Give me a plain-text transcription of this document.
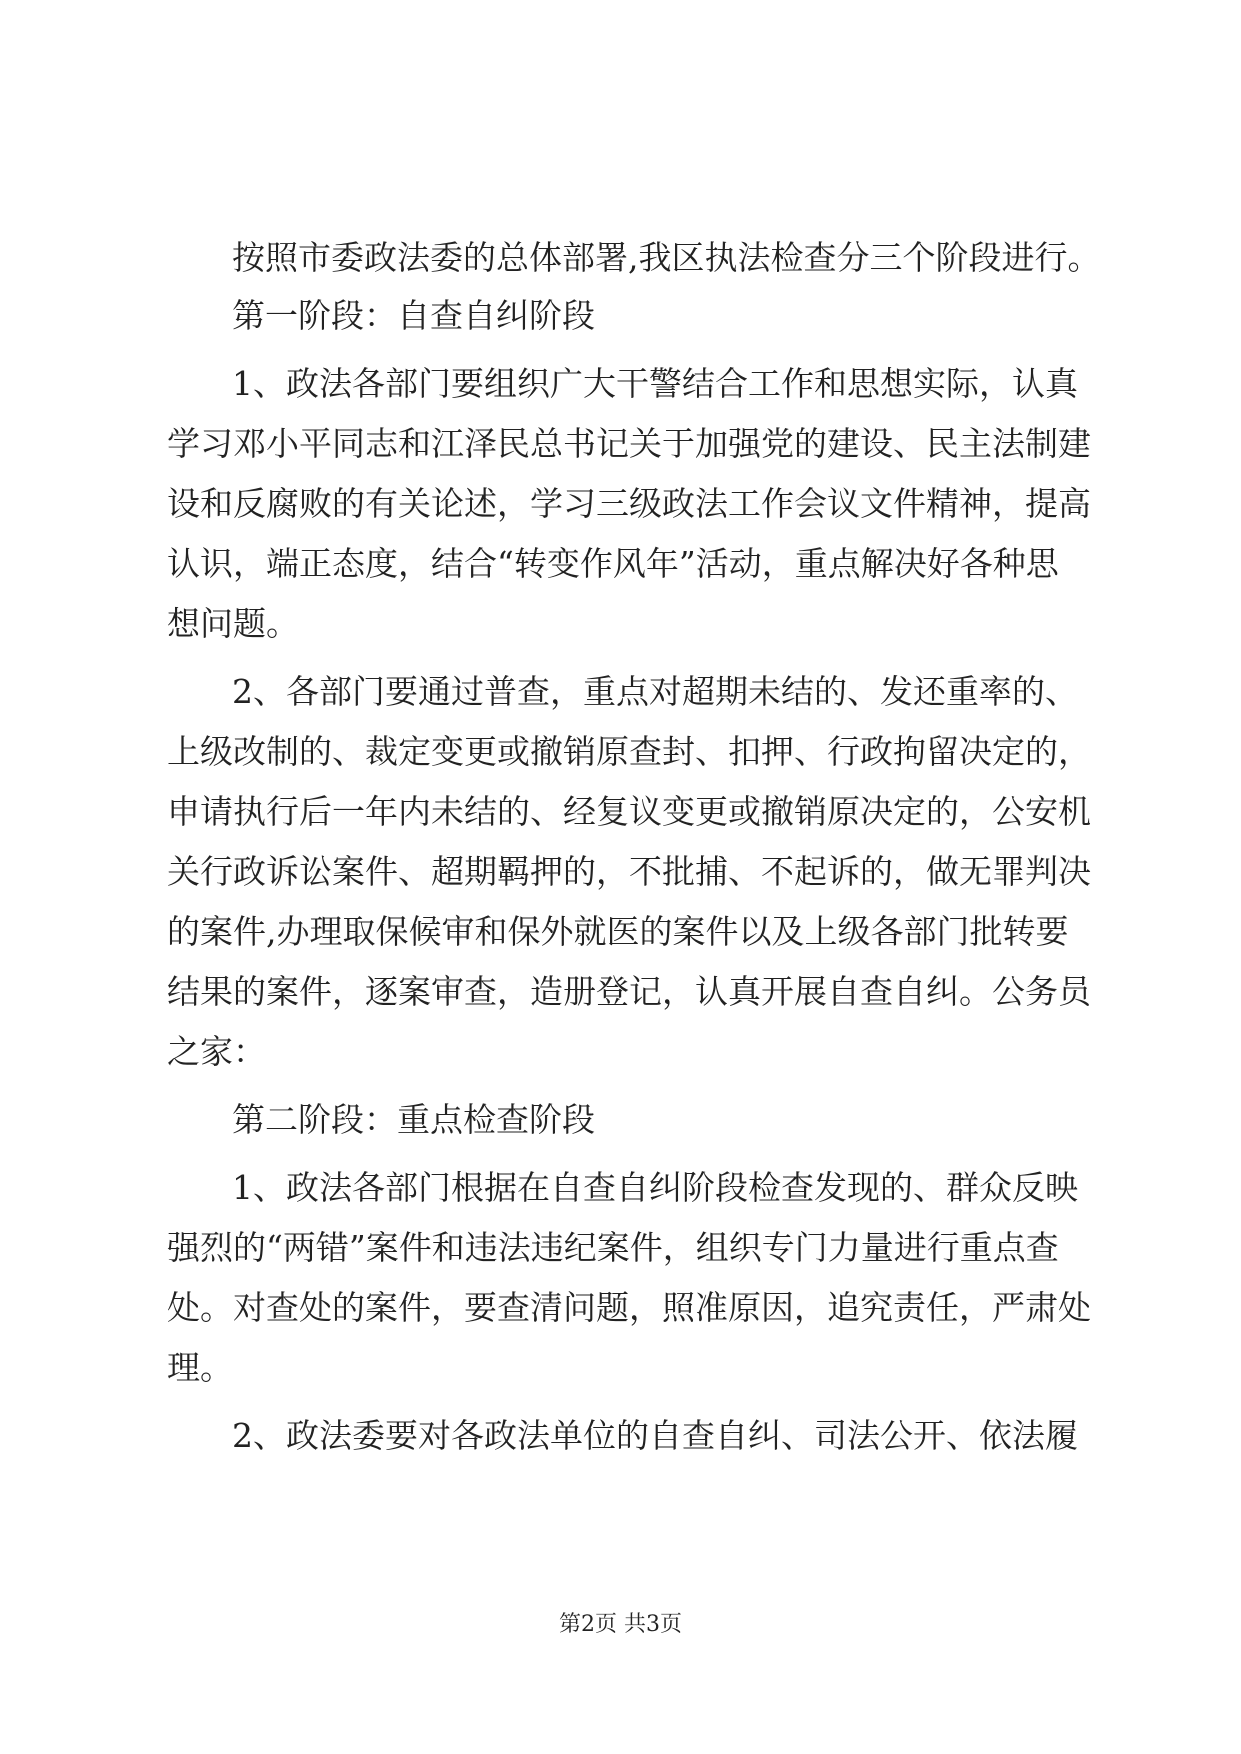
按照市委政法委的总体部署,我区执法检查分三个阶段进行。
第一阶段：自查自纠阶段
1、政法各部门要组织广大干警结合工作和思想实际，认真
学习邓小平同志和江泽民总书记关于加强党的建设、民主法制建
设和反腐败的有关论述，学习三级政法工作会议文件精神，提高
认识，端正态度，结合“转变作风年”活动，重点解决好各种思
想问题。
2、各部门要通过普查，重点对超期未结的、发还重率的、
上级改制的、裁定变更或撤销原查封、扣押、行政拘留决定的，
申请执行后一年内未结的、经复议变更或撤销原决定的，公安机
关行政诉讼案件、超期羁押的，不批捕、不起诉的，做无罪判决
的案件,办理取保候审和保外就医的案件以及上级各部门批转要
结果的案件，逐案审查，造册登记，认真开展自查自纠。公务员
之家：
第二阶段：重点检查阶段
1、政法各部门根据在自查自纠阶段检查发现的、群众反映
强烈的“两错”案件和违法违纪案件，组织专门力量进行重点查
处。对查处的案件，要查清问题，照准原因，追究责任，严肃处
理。
2、政法委要对各政法单位的自查自纠、司法公开、依法履
第2页 共3页
